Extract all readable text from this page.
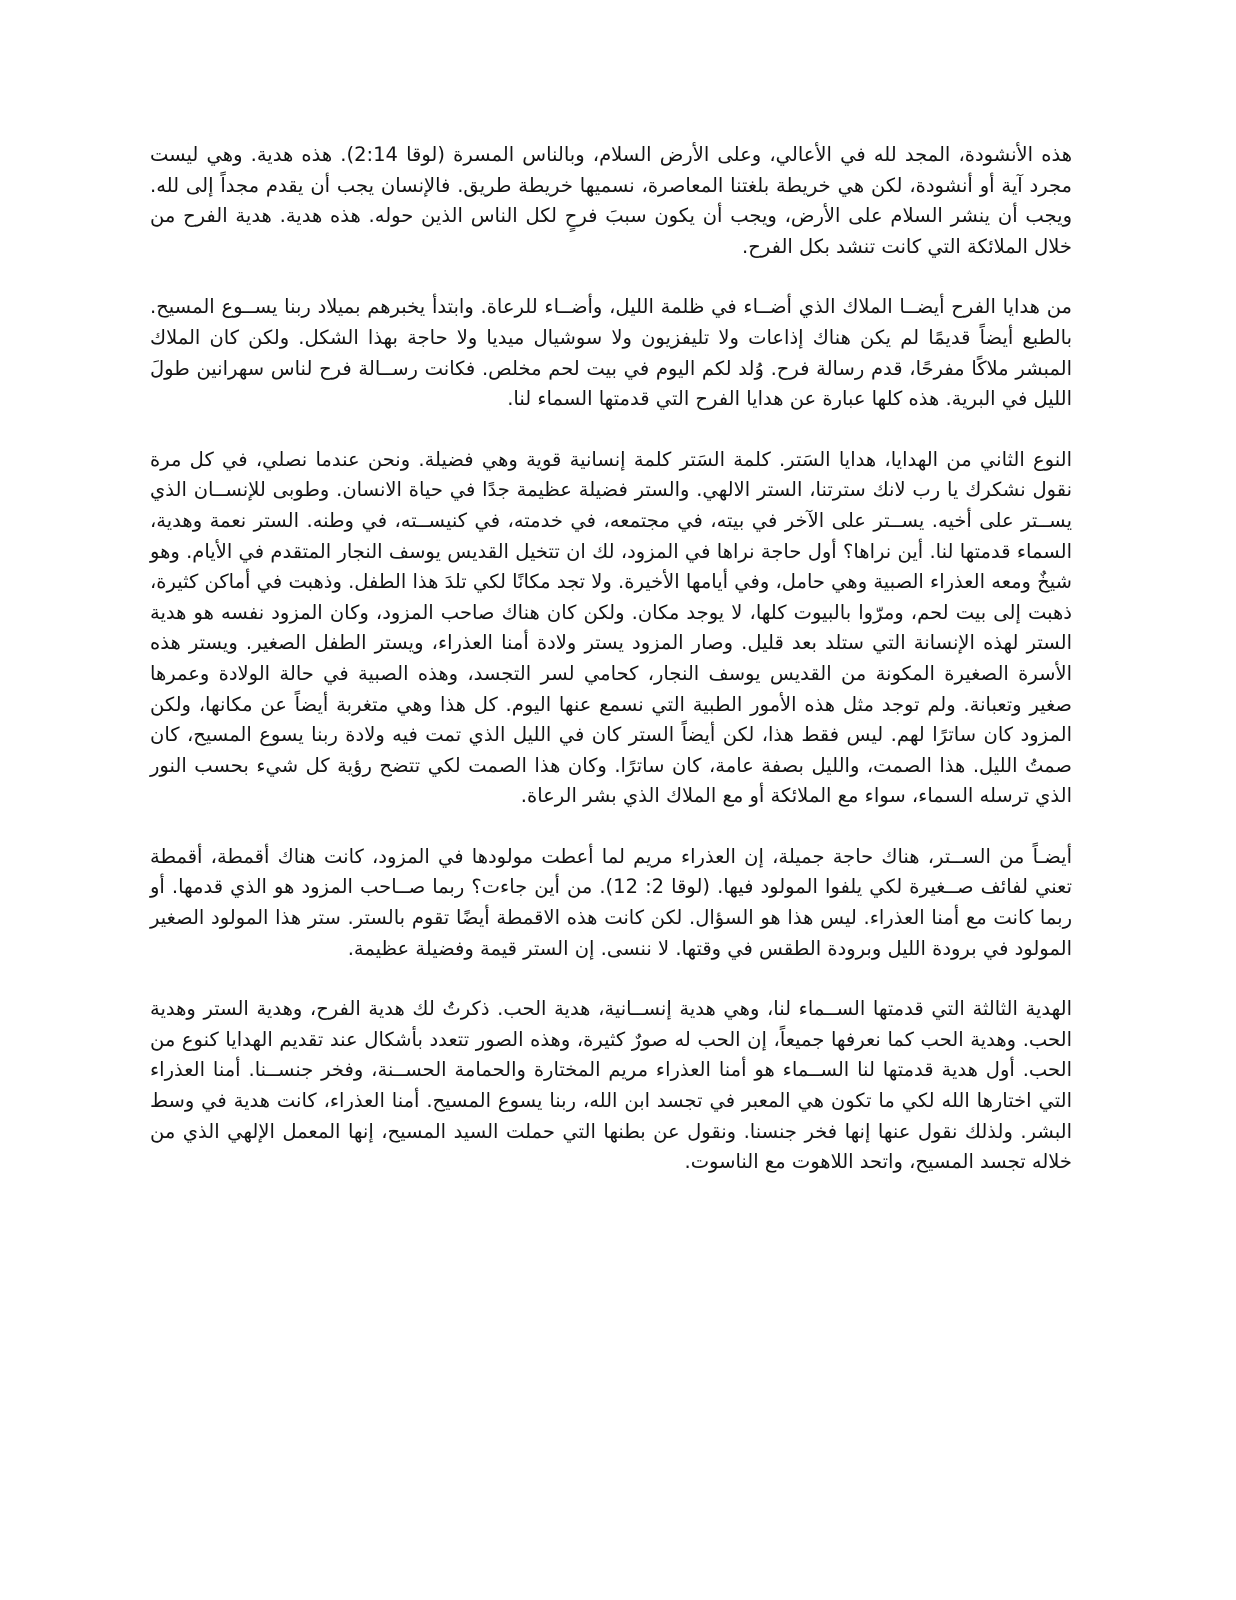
هذه الأنشودة، المجد لله في الأعالي، وعلى الأرض السلام، وبالناس المسرة (لوقا 2:14). هذه هدية. وهي ليست مجرد آية أو أنشودة، لكن هي خريطة بلغتنا المعاصرة، نسميها خريطة طريق. فالإنسان يجب أن يقدم مجداً إلى لله. ويجب أن ينشر السلام على الأرض، ويجب أن يكون سببَ فرحٍ لكل الناس الذين حوله. هذه هدية. هدية الفرح من خلال الملائكة التي كانت تنشد بكل الفرح.

من هدايا الفرح أيضــا الملاك الذي أضــاء في ظلمة الليل، وأضــاء للرعاة. وابتدأ يخبرهم بميلاد ربنا يســوع المسيح. بالطبع أيضاً قديمًا لم يكن هناك إذاعات ولا تليفزيون ولا سوشيال ميديا ولا حاجة بهذا الشكل. ولكن كان الملاك المبشر ملاكًا مفرحًا، قدم رسالة فرح. وُلد لكم اليوم في بيت لحم مخلص. فكانت رســالة فرح لناس سهرانين طولَ الليل في البرية. هذه كلها عبارة عن هدايا الفرح التي قدمتها السماء لنا.

النوع الثاني من الهدايا، هدايا السَتر. كلمة السَتر كلمة إنسانية قوية وهي فضيلة. ونحن عندما نصلي، في كل مرة نقول نشكرك يا رب لانك سترتنا، الستر الالهي. والستر فضيلة عظيمة جدًا في حياة الانسان. وطوبى للإنســان الذي يســتر على أخيه. يســتر على الآخر في بيته، في مجتمعه، في خدمته، في كنيســته، في وطنه. الستر نعمة وهدية، السماء قدمتها لنا. أين نراها؟ أول حاجة نراها في المزود، لك ان تتخيل القديس يوسف النجار المتقدم في الأيام. وهو شيخٌ ومعه العذراء الصبية وهي حامل، وفي أيامها الأخيرة. ولا تجد مكانًا لكي تلدَ هذا الطفل. وذهبت في أماكن كثيرة، ذهبت إلى بيت لحم، ومرّوا بالبيوت كلها، لا يوجد مكان. ولكن كان هناك صاحب المزود، وكان المزود نفسه هو هدية الستر لهذه الإنسانة التي ستلد بعد قليل. وصار المزود يستر ولادة أمنا العذراء، ويستر الطفل الصغير. ويستر هذه الأسرة الصغيرة المكونة من القديس يوسف النجار، كحامي لسر التجسد، وهذه الصبية في حالة الولادة وعمرها صغير وتعبانة. ولم توجد مثل هذه الأمور الطبية التي نسمع عنها اليوم. كل هذا وهي متغربة أيضاً عن مكانها، ولكن المزود كان ساترًا لهم. ليس فقط هذا، لكن أيضاً الستر كان في الليل الذي تمت فيه ولادة ربنا يسوع المسيح، كان صمتُ الليل. هذا الصمت، والليل بصفة عامة، كان ساترًا. وكان هذا الصمت لكي تتضح رؤية كل شيء بحسب النور الذي ترسله السماء، سواء مع الملائكة أو مع الملاك الذي بشر الرعاة.

أيضـاً من الســتر، هناك حاجة جميلة، إن العذراء مريم لما أعطت مولودها في المزود، كانت هناك أقمطة، أقمطة تعني لفائف صــغيرة لكي يلفوا المولود فيها. (لوقا 2: 12). من أين جاءت؟ ربما صــاحب المزود هو الذي قدمها. أو ربما كانت مع أمنا العذراء. ليس هذا هو السؤال. لكن كانت هذه الاقمطة أيضًا تقوم بالستر. ستر هذا المولود الصغير المولود في برودة الليل وبرودة الطقس في وقتها. لا ننسى. إن الستر قيمة وفضيلة عظيمة.

الهدية الثالثة التي قدمتها الســماء لنا، وهي هدية إنســانية، هدية الحب. ذكرتُ لك هدية الفرح، وهدية الستر وهدية الحب. وهدية الحب كما نعرفها جميعاً، إن الحب له صورٌ كثيرة، وهذه الصور تتعدد بأشكال عند تقديم الهدايا كنوع من الحب. أول هدية قدمتها لنا الســماء هو أمنا العذراء مريم المختارة والحمامة الحســنة، وفخر جنســنا. أمنا العذراء التي اختارها الله لكي ما تكون هي المعبر في تجسد ابن الله، ربنا يسوع المسيح. أمنا العذراء، كانت هدية في وسط البشر. ولذلك نقول عنها إنها فخر جنسنا. ونقول عن بطنها التي حملت السيد المسيح، إنها المعمل الإلهي الذي من خلاله تجسد المسيح، واتحد اللاهوت مع الناسوت.
